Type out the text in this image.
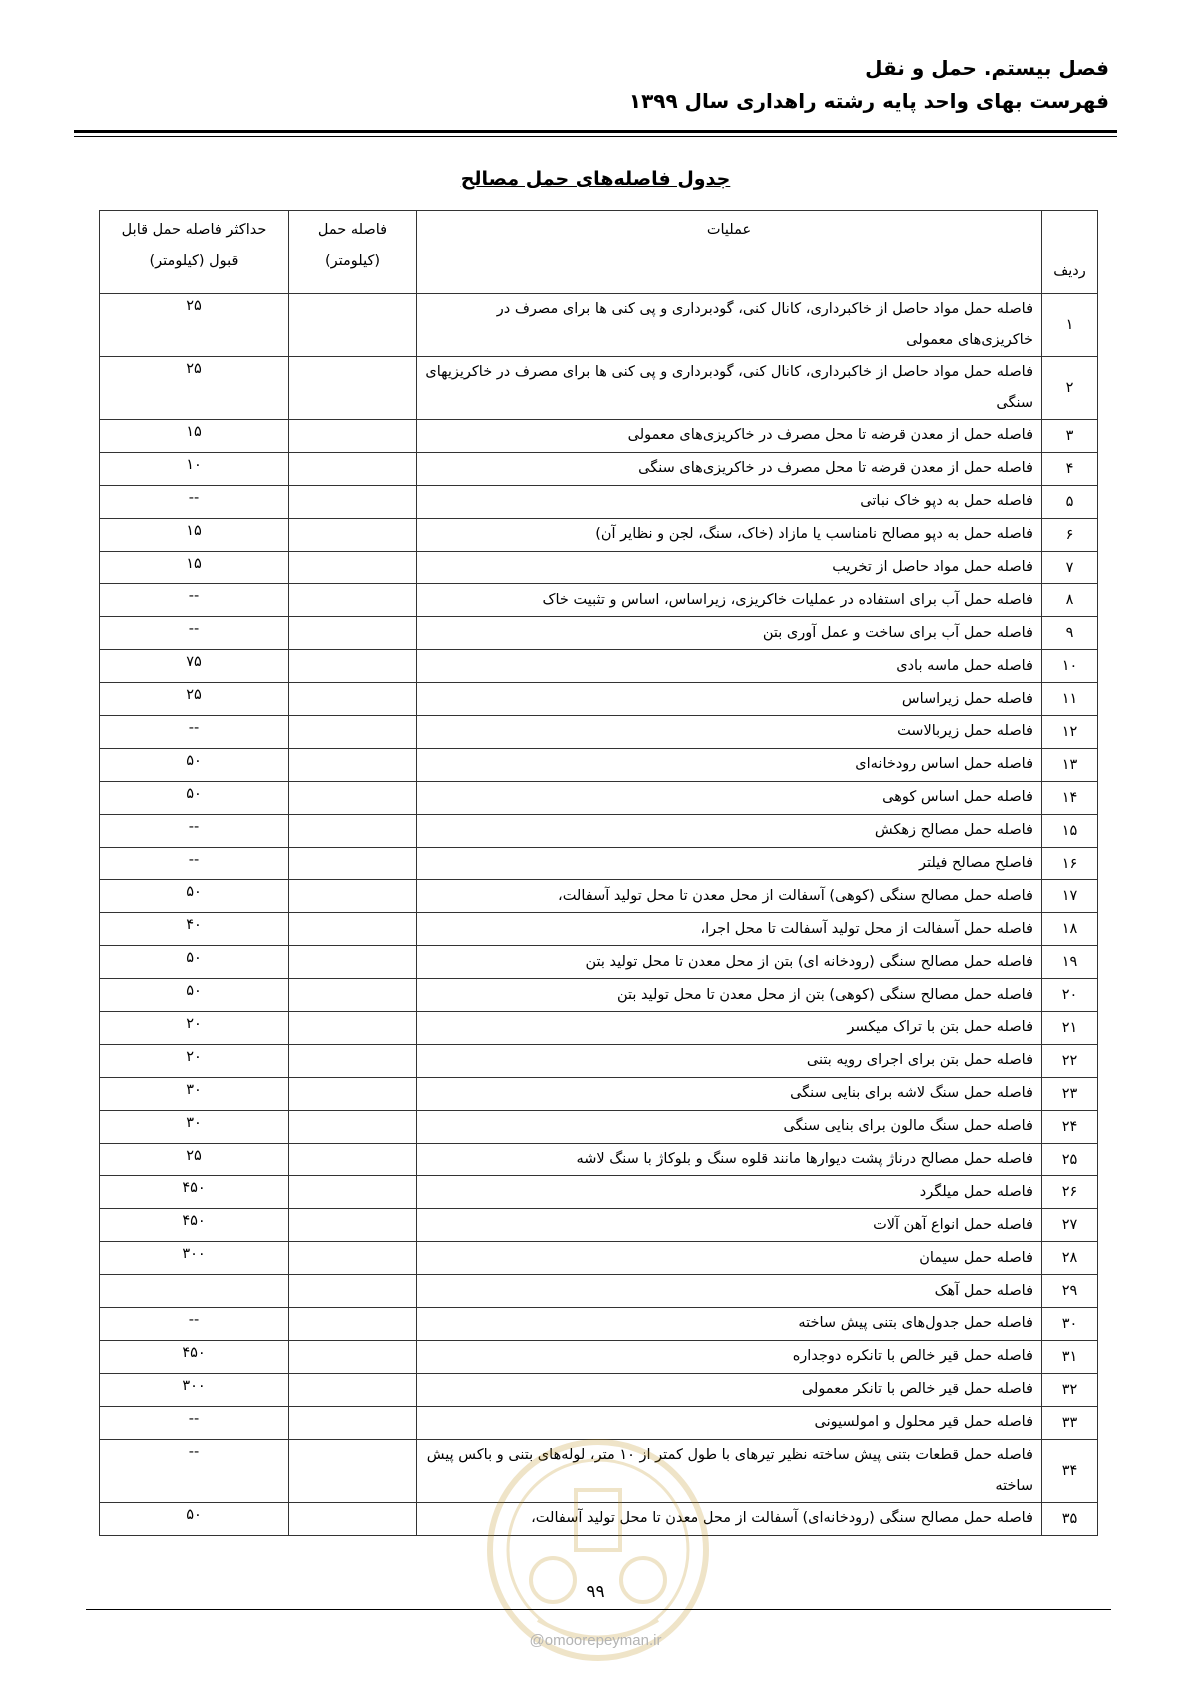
فصل بیستم. حمل و نقل
فهرست بهای واحد پایه رشته راهداری سال ۱۳۹۹
جدول فاصله‌های حمل مصالح
ردیف	عملیات	فاصله حمل (کیلومتر)	حداکثر فاصله حمل قابل قبول (کیلومتر)
۱	فاصله حمل مواد حاصل از خاکبرداری، کانال کنی، گودبرداری و پی کنی ها برای مصرف در خاکریزی‌های معمولی		۲۵
۲	فاصله حمل مواد حاصل از خاکبرداری، کانال کنی، گودبرداری و پی کنی ها برای مصرف در خاکریزیهای سنگی		۲۵
۳	فاصله حمل از معدن قرضه تا محل مصرف در خاکریزی‌های معمولی		۱۵
۴	فاصله حمل از معدن قرضه تا محل مصرف در خاکریزی‌های سنگی		۱۰
۵	فاصله حمل به دپو خاک نباتی		--
۶	فاصله حمل به دپو مصالح نامناسب یا مازاد (خاک، سنگ، لجن و نظایر آن)		۱۵
۷	فاصله حمل مواد حاصل از تخریب		۱۵
۸	فاصله حمل آب برای استفاده در عملیات خاکریزی، زیراساس، اساس و تثبیت خاک		--
۹	فاصله حمل آب برای ساخت و عمل آوری بتن		--
۱۰	فاصله حمل ماسه بادی		۷۵
۱۱	فاصله حمل زیراساس		۲۵
۱۲	فاصله حمل زیربالاست		--
۱۳	فاصله حمل اساس رودخانه‌ای		۵۰
۱۴	فاصله حمل اساس کوهی		۵۰
۱۵	فاصله حمل مصالح زهکش		--
۱۶	فاصلح مصالح فیلتر		--
۱۷	فاصله حمل مصالح سنگی (کوهی) آسفالت از محل معدن تا محل تولید آسفالت،		۵۰
۱۸	فاصله حمل آسفالت از محل تولید آسفالت تا محل اجرا،		۴۰
۱۹	فاصله حمل مصالح سنگی (رودخانه ای) بتن از محل معدن تا محل تولید بتن		۵۰
۲۰	فاصله حمل مصالح سنگی (کوهی) بتن از محل معدن تا محل تولید بتن		۵۰
۲۱	فاصله حمل بتن با تراک میکسر		۲۰
۲۲	فاصله حمل بتن برای اجرای رویه بتنی		۲۰
۲۳	فاصله حمل سنگ لاشه برای بنایی سنگی		۳۰
۲۴	فاصله حمل سنگ مالون برای بنایی سنگی		۳۰
۲۵	فاصله حمل مصالح درناژ پشت دیوارها مانند قلوه سنگ و بلوکاژ با سنگ لاشه		۲۵
۲۶	فاصله حمل میلگرد		۴۵۰
۲۷	فاصله حمل انواع آهن آلات		۴۵۰
۲۸	فاصله حمل سیمان		۳۰۰
۲۹	فاصله حمل آهک		
۳۰	فاصله حمل جدول‌های بتنی پیش ساخته		--
۳۱	فاصله حمل قیر خالص با تانکره دوجداره		۴۵۰
۳۲	فاصله حمل قیر خالص با تانکر معمولی		۳۰۰
۳۳	فاصله حمل قیر محلول و امولسیونی		--
۳۴	فاصله حمل قطعات بتنی پیش ساخته نظیر تیرهای با طول کمتر از ۱۰ متر، لوله‌های بتنی و باکس پیش ساخته		--
۳۵	فاصله حمل مصالح سنگی (رودخانه‌ای) آسفالت از محل معدن تا محل تولید آسفالت،		۵۰
۹۹
@omoorepeyman.ir
